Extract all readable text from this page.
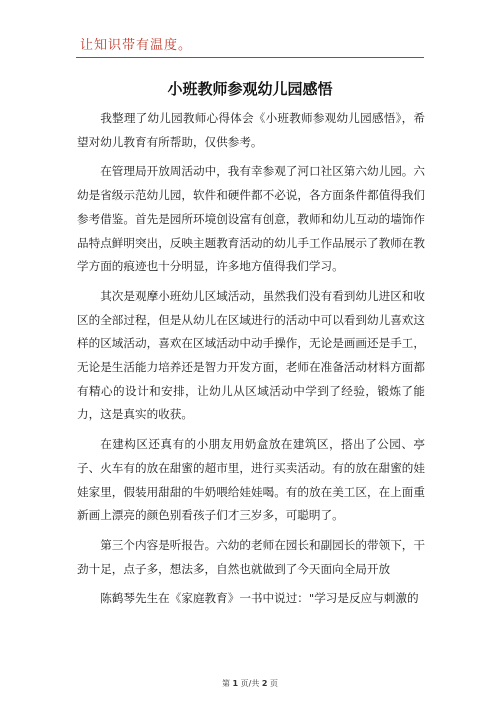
让知识带有温度。
小班教师参观幼儿园感悟

我整理了幼儿园教师心得体会《小班教师参观幼儿园感悟》，希望对幼儿教育有所帮助，仅供参考。

在管理局开放周活动中，我有幸参观了河口社区第六幼儿园。六幼是省级示范幼儿园，软件和硬件都不必说，各方面条件都值得我们参考借鉴。首先是园所环境创设富有创意，教师和幼儿互动的墙饰作品特点鲜明突出，反映主题教育活动的幼儿手工作品展示了教师在教学方面的痕迹也十分明显，许多地方值得我们学习。

其次是观摩小班幼儿区域活动，虽然我们没有看到幼儿进区和收区的全部过程，但是从幼儿在区域进行的活动中可以看到幼儿喜欢这样的区域活动，喜欢在区域活动中动手操作，无论是画画还是手工，无论是生活能力培养还是智力开发方面，老师在准备活动材料方面都有精心的设计和安排，让幼儿从区域活动中学到了经验，锻炼了能力，这是真实的收获。

在建构区还真有的小朋友用奶盒放在建筑区，搭出了公园、亭子、火车有的放在甜蜜的超市里，进行买卖活动。有的放在甜蜜的娃娃家里，假装用甜甜的牛奶喂给娃娃喝。有的放在美工区，在上面重新画上漂亮的颜色别看孩子们才三岁多，可聪明了。

第三个内容是听报告。六幼的老师在园长和副园长的带领下，干劲十足，点子多，想法多，自然也就做到了今天面向全局开放

陈鹤琴先生在《家庭教育》一书中说过："学习是反应与刺激的

第 1 页/共 2 页
